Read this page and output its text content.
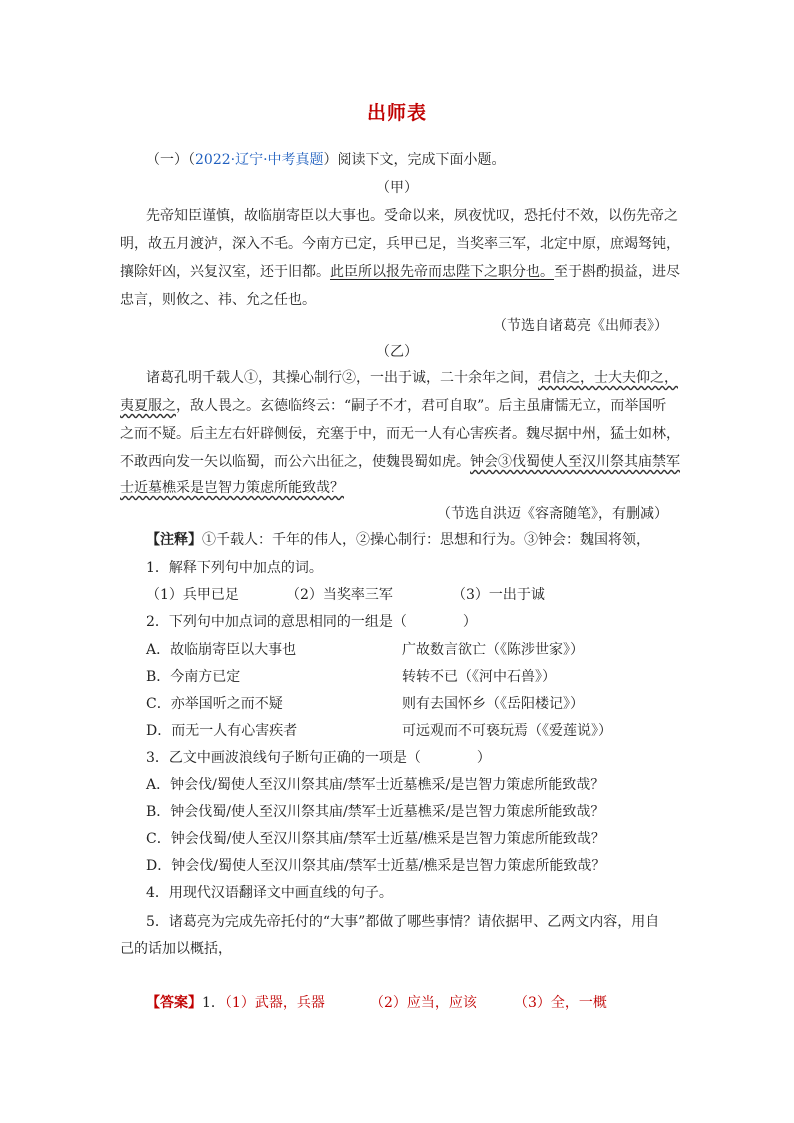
出师表
（一）（2022·辽宁·中考真题）阅读下文，完成下面小题。
（甲）
先帝知臣谨慎，故临崩寄臣以大事也。受命以来，夙夜忧叹，恐托付不效，以伤先帝之
明，故五月渡泸，深入不毛。今南方已定，兵甲已足，当奖率三军，北定中原，庶竭驽钝，
攘除奸凶，兴复汉室，还于旧都。此臣所以报先帝而忠陛下之职分也。至于斟酌损益，进尽
忠言，则攸之、祎、允之任也。
（节选自诸葛亮《出师表》）
（乙）
诸葛孔明千载人①，其操心制行②，一出于诚，二十余年之间，君信之，士大夫仰之，
夷夏服之，敌人畏之。玄德临终云：“嗣子不才，君可自取”。后主虽庸懦无立，而举国听
之而不疑。后主左右奸辟侧佞，充塞于中，而无一人有心害疾者。魏尽据中州，猛士如林，
不敢西向发一矢以临蜀，而公六出征之，使魏畏蜀如虎。钟会③伐蜀使人至汉川祭其庙禁军
士近墓樵采是岂智力策虑所能致哉？
（节选自洪迈《容斋随笔》，有删减）
【注释】①千载人：千年的伟人，②操心制行：思想和行为。③钟会：魏国将领，
1．解释下列句中加点的词。
（1）兵甲已足	（2）当奖率三军	（3）一出于诚
2．下列句中加点词的意思相同的一组是（　　　　）
A．故临崩寄臣以大事也	广故数言欲亡（《陈涉世家》）
B．今南方已定	转转不已（《河中石兽》）
C．亦举国听之而不疑	则有去国怀乡（《岳阳楼记》）
D．而无一人有心害疾者	可远观而不可亵玩焉（《爱莲说》）
3．乙文中画波浪线句子断句正确的一项是（　　　　）
A．钟会伐/蜀使人至汉川祭其庙/禁军士近墓樵采/是岂智力策虑所能致哉？
B．钟会伐蜀/使人至汉川祭其庙/禁军士近墓樵采/是岂智力策虑所能致哉？
C．钟会伐蜀/使人至汉川祭其庙/禁军士近墓/樵采是岂智力策虑所能致哉？
D．钟会伐/蜀使人至汉川祭其庙/禁军士近墓/樵采是岂智力策虑所能致哉？
4．用现代汉语翻译文中画直线的句子。
5．诸葛亮为完成先帝托付的“大事”都做了哪些事情？请依据甲、乙两文内容，用自
己的话加以概括，
【答案】1．（1）武器，兵器	（2）应当，应该	（3）全，一概
